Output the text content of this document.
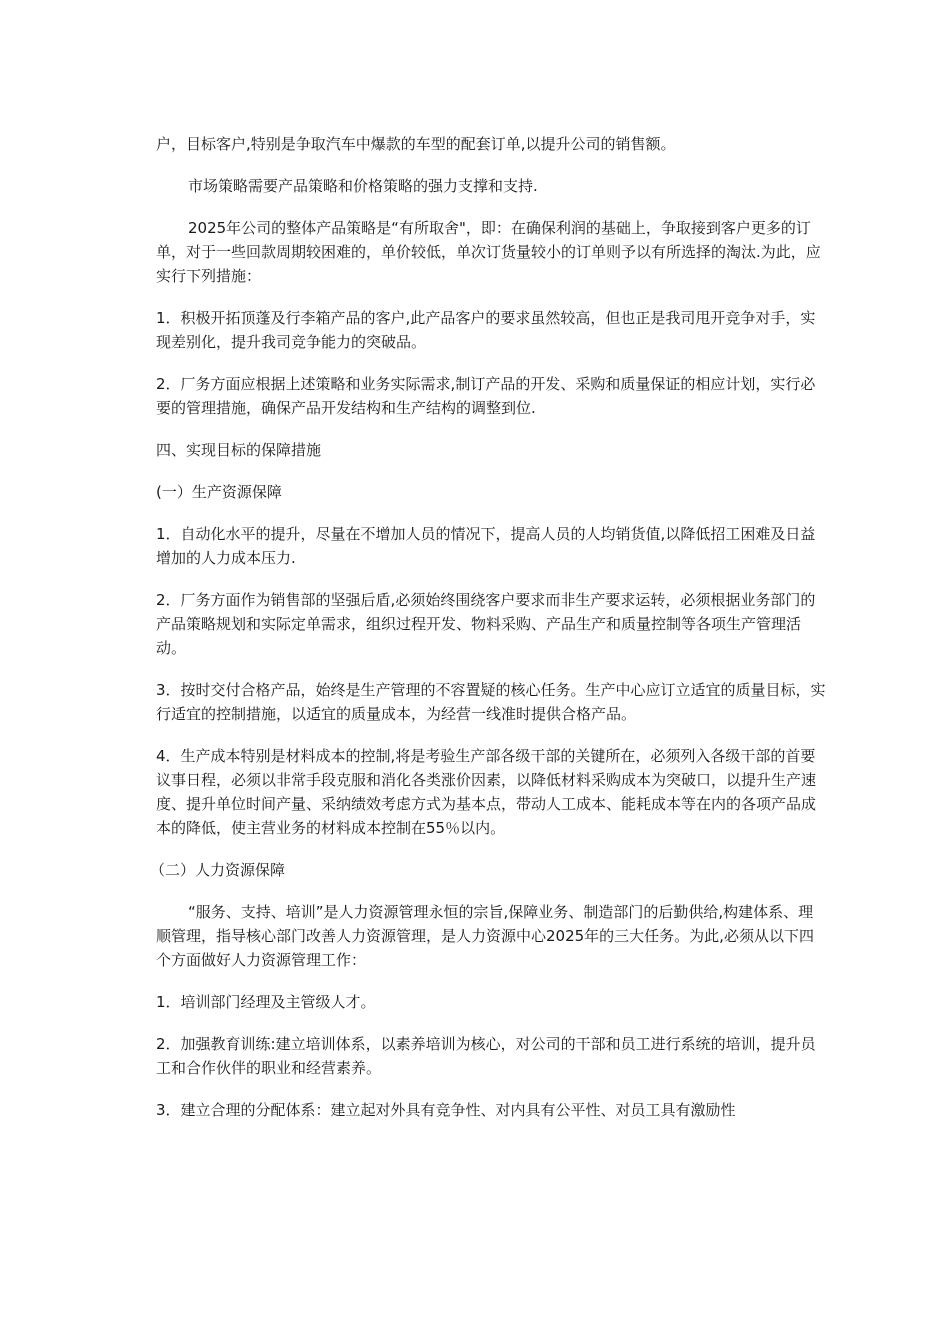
户，目标客户,特别是争取汽车中爆款的车型的配套订单,以提升公司的销售额。

市场策略需要产品策略和价格策略的强力支撑和支持.

2025年公司的整体产品策略是“有所取舍"，即：在确保利润的基础上，争取接到客户更多的订单，对于一些回款周期较困难的，单价较低，单次订货量较小的订单则予以有所选择的淘汰.为此，应实行下列措施：

1．积极开拓顶蓬及行李箱产品的客户,此产品客户的要求虽然较高，但也正是我司甩开竞争对手，实现差别化，提升我司竞争能力的突破品。

2．厂务方面应根据上述策略和业务实际需求,制订产品的开发、采购和质量保证的相应计划，实行必要的管理措施，确保产品开发结构和生产结构的调整到位.

四、实现目标的保障措施

(一）生产资源保障

1．自动化水平的提升，尽量在不增加人员的情况下，提高人员的人均销货值,以降低招工困难及日益增加的人力成本压力.

2．厂务方面作为销售部的坚强后盾,必须始终围绕客户要求而非生产要求运转，必须根据业务部门的产品策略规划和实际定单需求，组织过程开发、物料采购、产品生产和质量控制等各项生产管理活动。

3．按时交付合格产品，始终是生产管理的不容置疑的核心任务。生产中心应订立适宜的质量目标，实行适宜的控制措施，以适宜的质量成本，为经营一线准时提供合格产品。

4．生产成本特别是材料成本的控制,将是考验生产部各级干部的关键所在，必须列入各级干部的首要议事日程，必须以非常手段克服和消化各类涨价因素，以降低材料采购成本为突破口，以提升生产速度、提升单位时间产量、采纳绩效考虑方式为基本点，带动人工成本、能耗成本等在内的各项产品成本的降低，使主营业务的材料成本控制在55％以内。

（二）人力资源保障

“服务、支持、培训”是人力资源管理永恒的宗旨,保障业务、制造部门的后勤供给,构建体系、理顺管理，指导核心部门改善人力资源管理，是人力资源中心2025年的三大任务。为此,必须从以下四个方面做好人力资源管理工作：

1．培训部门经理及主管级人才。

2．加强教育训练:建立培训体系，以素养培训为核心，对公司的干部和员工进行系统的培训，提升员工和合作伙伴的职业和经营素养。

3．建立合理的分配体系：建立起对外具有竞争性、对内具有公平性、对员工具有激励性
